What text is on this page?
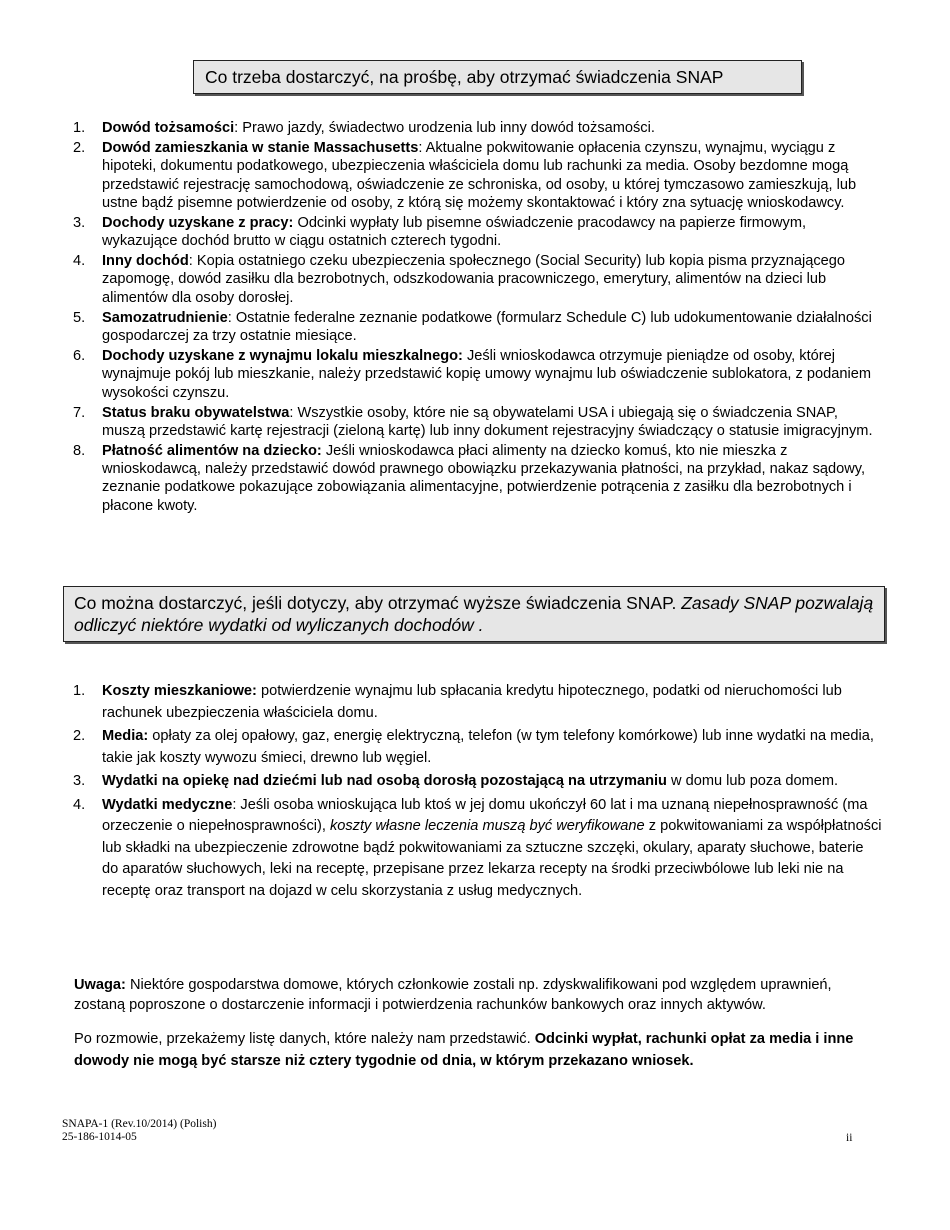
Co trzeba dostarczyć, na prośbę, aby otrzymać świadczenia SNAP
1. Dowód tożsamości: Prawo jazdy, świadectwo urodzenia lub inny dowód tożsamości.
2. Dowód zamieszkania w stanie Massachusetts: Aktualne pokwitowanie opłacenia czynszu, wynajmu, wyciągu z hipoteki, dokumentu podatkowego, ubezpieczenia właściciela domu lub rachunki za media. Osoby bezdomne mogą przedstawić rejestrację samochodową, oświadczenie ze schroniska, od osoby, u której tymczasowo zamieszkują, lub ustne bądź pisemne potwierdzenie od osoby, z którą się możemy skontaktować i który zna sytuację wnioskodawcy.
3. Dochody uzyskane z pracy: Odcinki wypłaty lub pisemne oświadczenie pracodawcy na papierze firmowym, wykazujące dochód brutto w ciągu ostatnich czterech tygodni.
4. Inny dochód: Kopia ostatniego czeku ubezpieczenia społecznego (Social Security) lub kopia pisma przyznającego zapomogę, dowód zasiłku dla bezrobotnych, odszkodowania pracowniczego, emerytury, alimentów na dzieci lub alimentów dla osoby dorosłej.
5. Samozatrudnienie: Ostatnie federalne zeznanie podatkowe (formularz Schedule C) lub udokumentowanie działalności gospodarczej za trzy ostatnie miesiące.
6. Dochody uzyskane z wynajmu lokalu mieszkalnego: Jeśli wnioskodawca otrzymuje pieniądze od osoby, której wynajmuje pokój lub mieszkanie, należy przedstawić kopię umowy wynajmu lub oświadczenie sublokatora, z podaniem wysokości czynszu.
7. Status braku obywatelstwa: Wszystkie osoby, które nie są obywatelami USA i ubiegają się o świadczenia SNAP, muszą przedstawić kartę rejestracji (zieloną kartę) lub inny dokument rejestracyjny świadczący o statusie imigracyjnym.
8. Płatność alimentów na dziecko: Jeśli wnioskodawca płaci alimenty na dziecko komuś, kto nie mieszka z wnioskodawcą, należy przedstawić dowód prawnego obowiązku przekazywania płatności, na przykład, nakaz sądowy, zeznanie podatkowe pokazujące zobowiązania alimentacyjne, potwierdzenie potrącenia z zasiłku dla bezrobotnych i płacone kwoty.
Co można dostarczyć, jeśli dotyczy, aby otrzymać wyższe świadczenia SNAP. Zasady SNAP pozwalają odliczyć niektóre wydatki od wyliczanych dochodów .
1. Koszty mieszkaniowe: potwierdzenie wynajmu lub spłacania kredytu hipotecznego, podatki od nieruchomości lub rachunek ubezpieczenia właściciela domu.
2. Media: opłaty za olej opałowy, gaz, energię elektryczną, telefon (w tym telefony komórkowe) lub inne wydatki na media, takie jak koszty wywozu śmieci, drewno lub węgiel.
3. Wydatki na opiekę nad dziećmi lub nad osobą dorosłą pozostającą na utrzymaniu w domu lub poza domem.
4. Wydatki medyczne: Jeśli osoba wnioskująca lub ktoś w jej domu ukończył 60 lat i ma uznaną niepełnosprawność (ma orzeczenie o niepełnosprawności), koszty własne leczenia muszą być weryfikowane z pokwitowaniami za współpłatności lub składki na ubezpieczenie zdrowotne bądź pokwitowaniami za sztuczne szczęki, okulary, aparaty słuchowe, baterie do aparatów słuchowych, leki na receptę, przepisane przez lekarza recepty na środki przeciwbólowe lub leki nie na receptę oraz transport na dojazd w celu skorzystania z usług medycznych.

Uwaga: Niektóre gospodarstwa domowe, których członkowie zostali np. zdyskwalifikowani pod względem uprawnień, zostaną poproszone o dostarczenie informacji i potwierdzenia rachunków bankowych oraz innych aktywów.

Po rozmowie, przekażemy listę danych, które należy nam przedstawić. Odcinki wypłat, rachunki opłat za media i inne dowody nie mogą być starsze niż cztery tygodnie od dnia, w którym przekazano wniosek.

SNAPA-1 (Rev.10/2014) (Polish)
25-186-1014-05	ii
